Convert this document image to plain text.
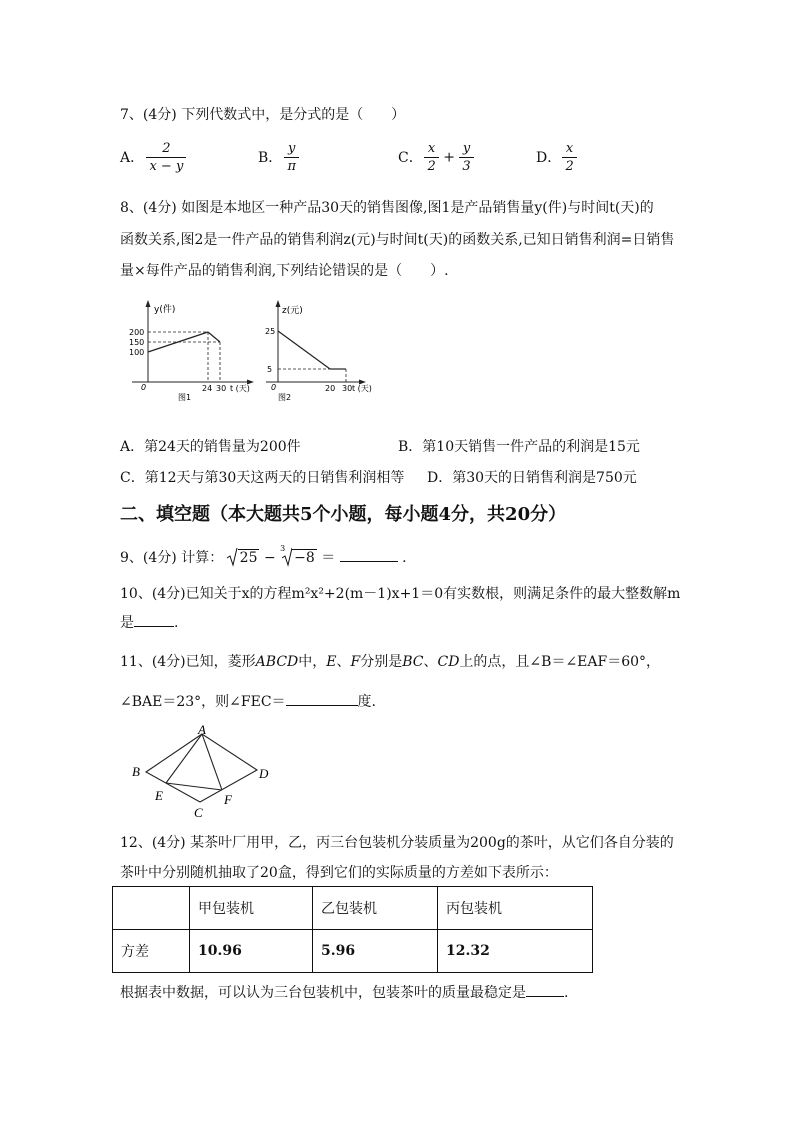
7、(4分) 下列代数式中，是分式的是（　　）
A． $\frac{2}{x - y}$	B． $\frac{y}{\pi}$	C． $\frac{x}{2} + \frac{y}{3}$	D． $\frac{x}{2}$
8、(4分) 如图是本地区一种产品30天的销售图像,图1是产品销售量y(件)与时间t(天)的
函数关系,图2是一件产品的销售利润z(元)与时间t(天)的函数关系,已知日销售利润=日销售
量×每件产品的销售利润,下列结论错误的是（　　）.
y(件)
200
150
100
0	24 30 t (天)
图1
z(元)
25
5
0	20 30 t (天)
图2
A．第24天的销售量为200件	B．第10天销售一件产品的利润是15元
C．第12天与第30天这两天的日销售利润相等 D．第30天的日销售利润是750元
二、填空题（本大题共5个小题，每小题4分，共20分）
9、(4分) 计算： 25 −
3
−8 ＝	.
10、(4分)已知关于x的方程m²x²+2(m－1)x+1＝0有实数根，则满足条件的最大整数解m
是	.
11、(4分)已知，菱形ABCD中，E、F分别是BC、CD上的点，且∠B＝∠EAF＝60°，
∠BAE＝23°，则∠FEC＝	度.
A
B
C
D
E	F
12、(4分) 某茶叶厂用甲，乙，丙三台包装机分装质量为200g的茶叶，从它们各自分装的
茶叶中分别随机抽取了20盒，得到它们的实际质量的方差如下表所示：
	甲包装机	乙包装机	丙包装机
方差	10.96	5.96	12.32
根据表中数据，可以认为三台包装机中，包装茶叶的质量最稳定是	.
